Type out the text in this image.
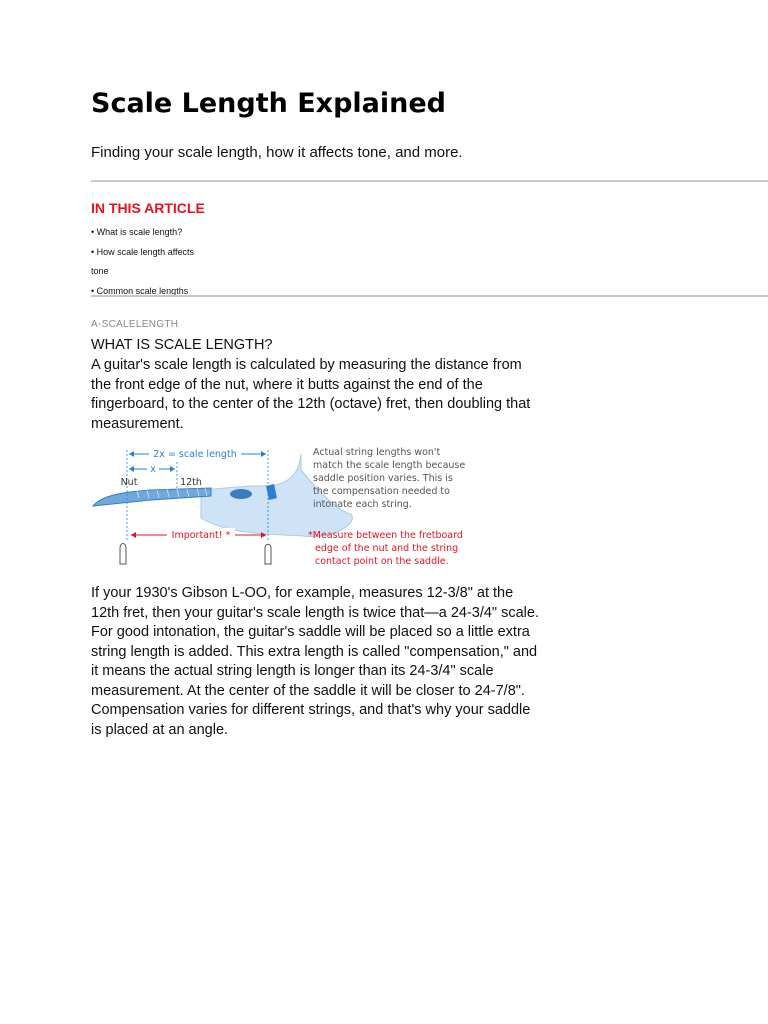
Scale Length Explained

Finding your scale length, how it affects tone, and more.

IN THIS ARTICLE
• What is scale length?
• How scale length affects
tone
• Common scale lengths

A-SCALELENGTH

WHAT IS SCALE LENGTH?

A guitar's scale length is calculated by measuring the distance from the front edge of the nut, where it butts against the end of the fingerboard, to the center of the 12th (octave) fret, then doubling that measurement.

2x = scale length
x
Nut	12th
Important! *
Actual string lengths won't
match the scale length because
saddle position varies. This is
the compensation needed to
intonate each string.
*Measure between the fretboard
edge of the nut and the string
contact point on the saddle.

If your 1930's Gibson L-OO, for example, measures 12-3/8" at the 12th fret, then your guitar's scale length is twice that—a 24-3/4" scale. For good intonation, the guitar's saddle will be placed so a little extra string length is added. This extra length is called "compensation," and it means the actual string length is longer than its 24-3/4" scale measurement. At the center of the saddle it will be closer to 24-7/8". Compensation varies for different strings, and that's why your saddle is placed at an angle.
